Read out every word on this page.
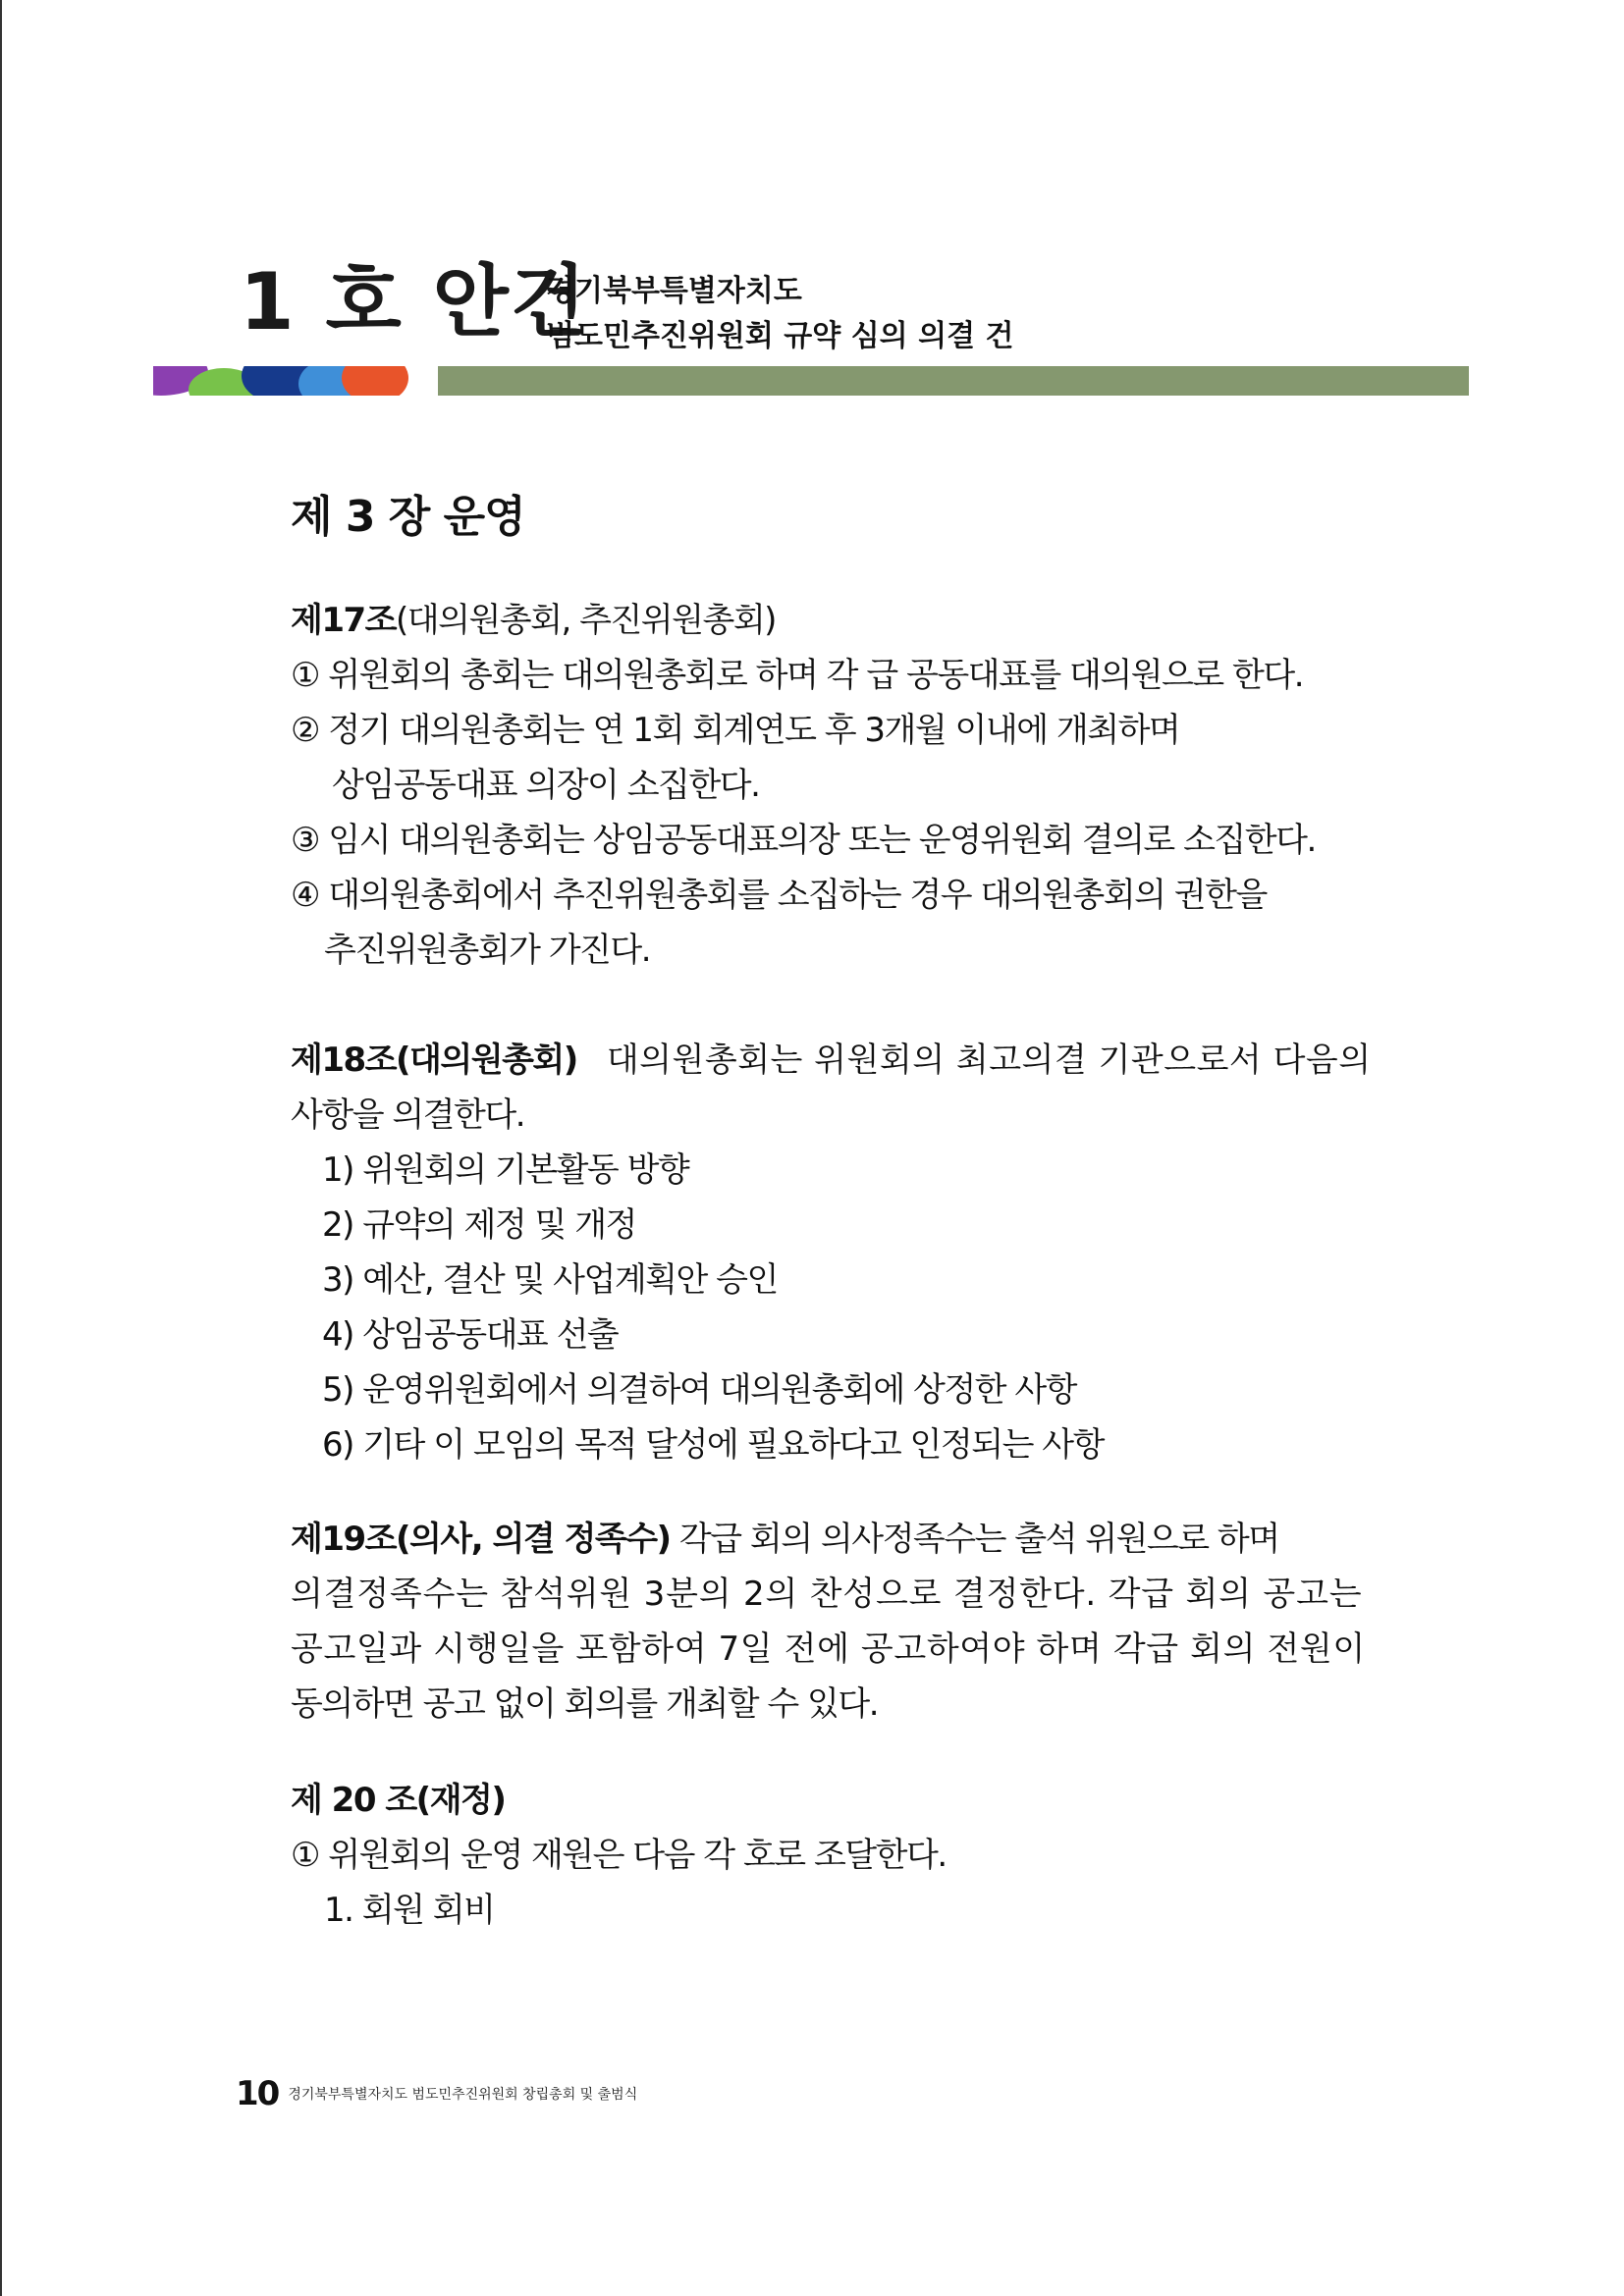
1 호 안건
경기북부특별자치도
범도민추진위원회 규약 심의 의결 건
제 3 장 운영
제17조(대의원총회, 추진위원총회)
① 위원회의 총회는 대의원총회로 하며 각 급 공동대표를 대의원으로 한다.
② 정기 대의원총회는 연 1회 회계연도 후 3개월 이내에 개최하며
상임공동대표 의장이 소집한다.
③ 임시 대의원총회는 상임공동대표의장 또는 운영위원회 결의로 소집한다.
④ 대의원총회에서 추진위원총회를 소집하는 경우 대의원총회의 권한을
추진위원총회가 가진다.
제18조(대의원총회) 대의원총회는 위원회의 최고의결 기관으로서 다음의
사항을 의결한다.
1) 위원회의 기본활동 방향
2) 규약의 제정 및 개정
3) 예산, 결산 및 사업계획안 승인
4) 상임공동대표 선출
5) 운영위원회에서 의결하여 대의원총회에 상정한 사항
6) 기타 이 모임의 목적 달성에 필요하다고 인정되는 사항
제19조(의사, 의결 정족수) 각급 회의 의사정족수는 출석 위원으로 하며
의결정족수는 참석위원 3분의 2의 찬성으로 결정한다. 각급 회의 공고는
공고일과 시행일을 포함하여 7일 전에 공고하여야 하며 각급 회의 전원이
동의하면 공고 없이 회의를 개최할 수 있다.
제 20 조(재정)
① 위원회의 운영 재원은 다음 각 호로 조달한다.
1. 회원 회비
10 경기북부특별자치도 범도민추진위원회 창립총회 및 출범식
